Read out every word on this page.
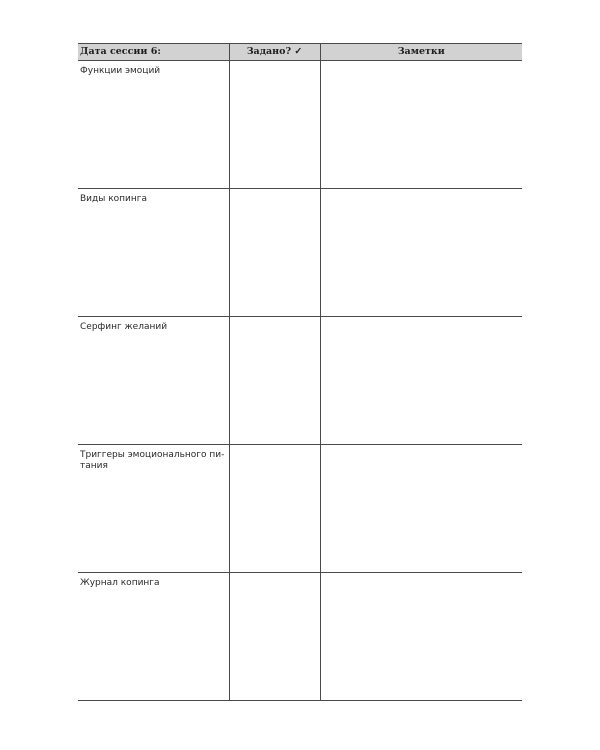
Дата сессии 6:	Задано? ✓	Заметки

Функции эмоций		

Виды копинга		

Серфинг желаний		

Триггеры эмоционального пи-тания		

Журнал копинга		
